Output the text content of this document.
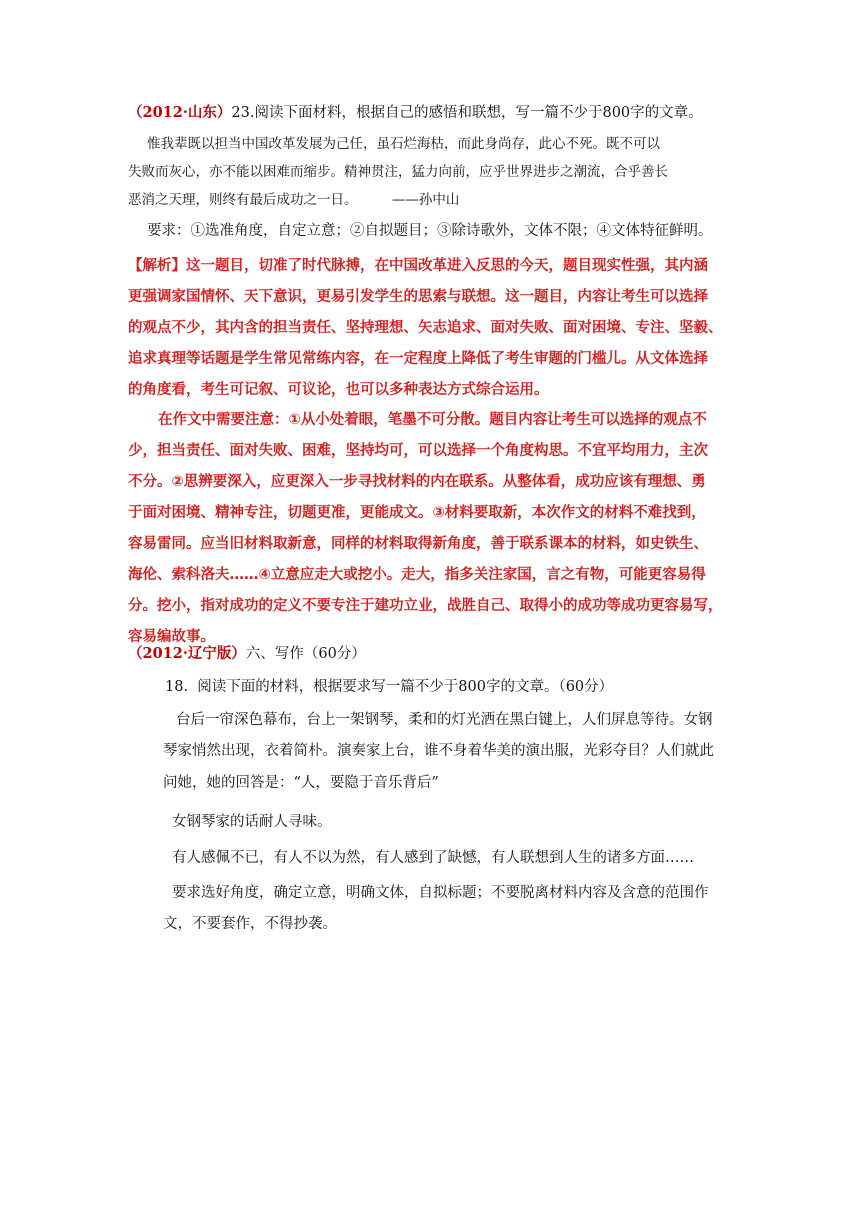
（2012·山东）23.阅读下面材料，根据自己的感悟和联想，写一篇不少于800字的文章。
惟我辈既以担当中国改革发展为己任，虽石烂海枯，而此身尚存，此心不死。既不可以
失败而灰心，亦不能以困难而缩步。精神贯注，猛力向前，应乎世界进步之潮流，合乎善长
恶消之天理，则终有最后成功之一日。        ——孙中山
要求：①选准角度，自定立意；②自拟题目；③除诗歌外，文体不限；④文体特征鲜明。
【解析】这一题目，切准了时代脉搏，在中国改革进入反思的今天，题目现实性强，其内涵
更强调家国情怀、天下意识，更易引发学生的思索与联想。这一题目，内容让考生可以选择
的观点不少，其内含的担当责任、坚持理想、矢志追求、面对失败、面对困境、专注、坚毅、
追求真理等话题是学生常见常练内容，在一定程度上降低了考生审题的门槛儿。从文体选择
的角度看，考生可记叙、可议论，也可以多种表达方式综合运用。
在作文中需要注意：①从小处着眼，笔墨不可分散。题目内容让考生可以选择的观点不
少，担当责任、面对失败、困难，坚持均可，可以选择一个角度构思。不宜平均用力，主次
不分。②思辨要深入，应更深入一步寻找材料的内在联系。从整体看，成功应该有理想、勇
于面对困境、精神专注，切题更准，更能成文。③材料要取新，本次作文的材料不难找到，
容易雷同。应当旧材料取新意，同样的材料取得新角度，善于联系课本的材料，如史铁生、
海伦、索科洛夫……④立意应走大或挖小。走大，指多关注家国，言之有物，可能更容易得
分。挖小，指对成功的定义不要专注于建功立业，战胜自己、取得小的成功等成功更容易写，
容易编故事。
（2012·辽宁版）六、写作（60分）
18.  阅读下面的材料，根据要求写一篇不少于800字的文章。（60分）
台后一帘深色幕布，台上一架钢琴，柔和的灯光洒在黑白键上，人们屏息等待。女钢
琴家悄然出现，衣着简朴。演奏家上台，谁不身着华美的演出服，光彩夺目？人们就此
问她，她的回答是：“人，要隐于音乐背后”
女钢琴家的话耐人寻味。
有人感佩不已，有人不以为然，有人感到了缺憾，有人联想到人生的诸多方面……
要求选好角度，确定立意，明确文体，自拟标题；不要脱离材料内容及含意的范围作
文，不要套作，不得抄袭。
